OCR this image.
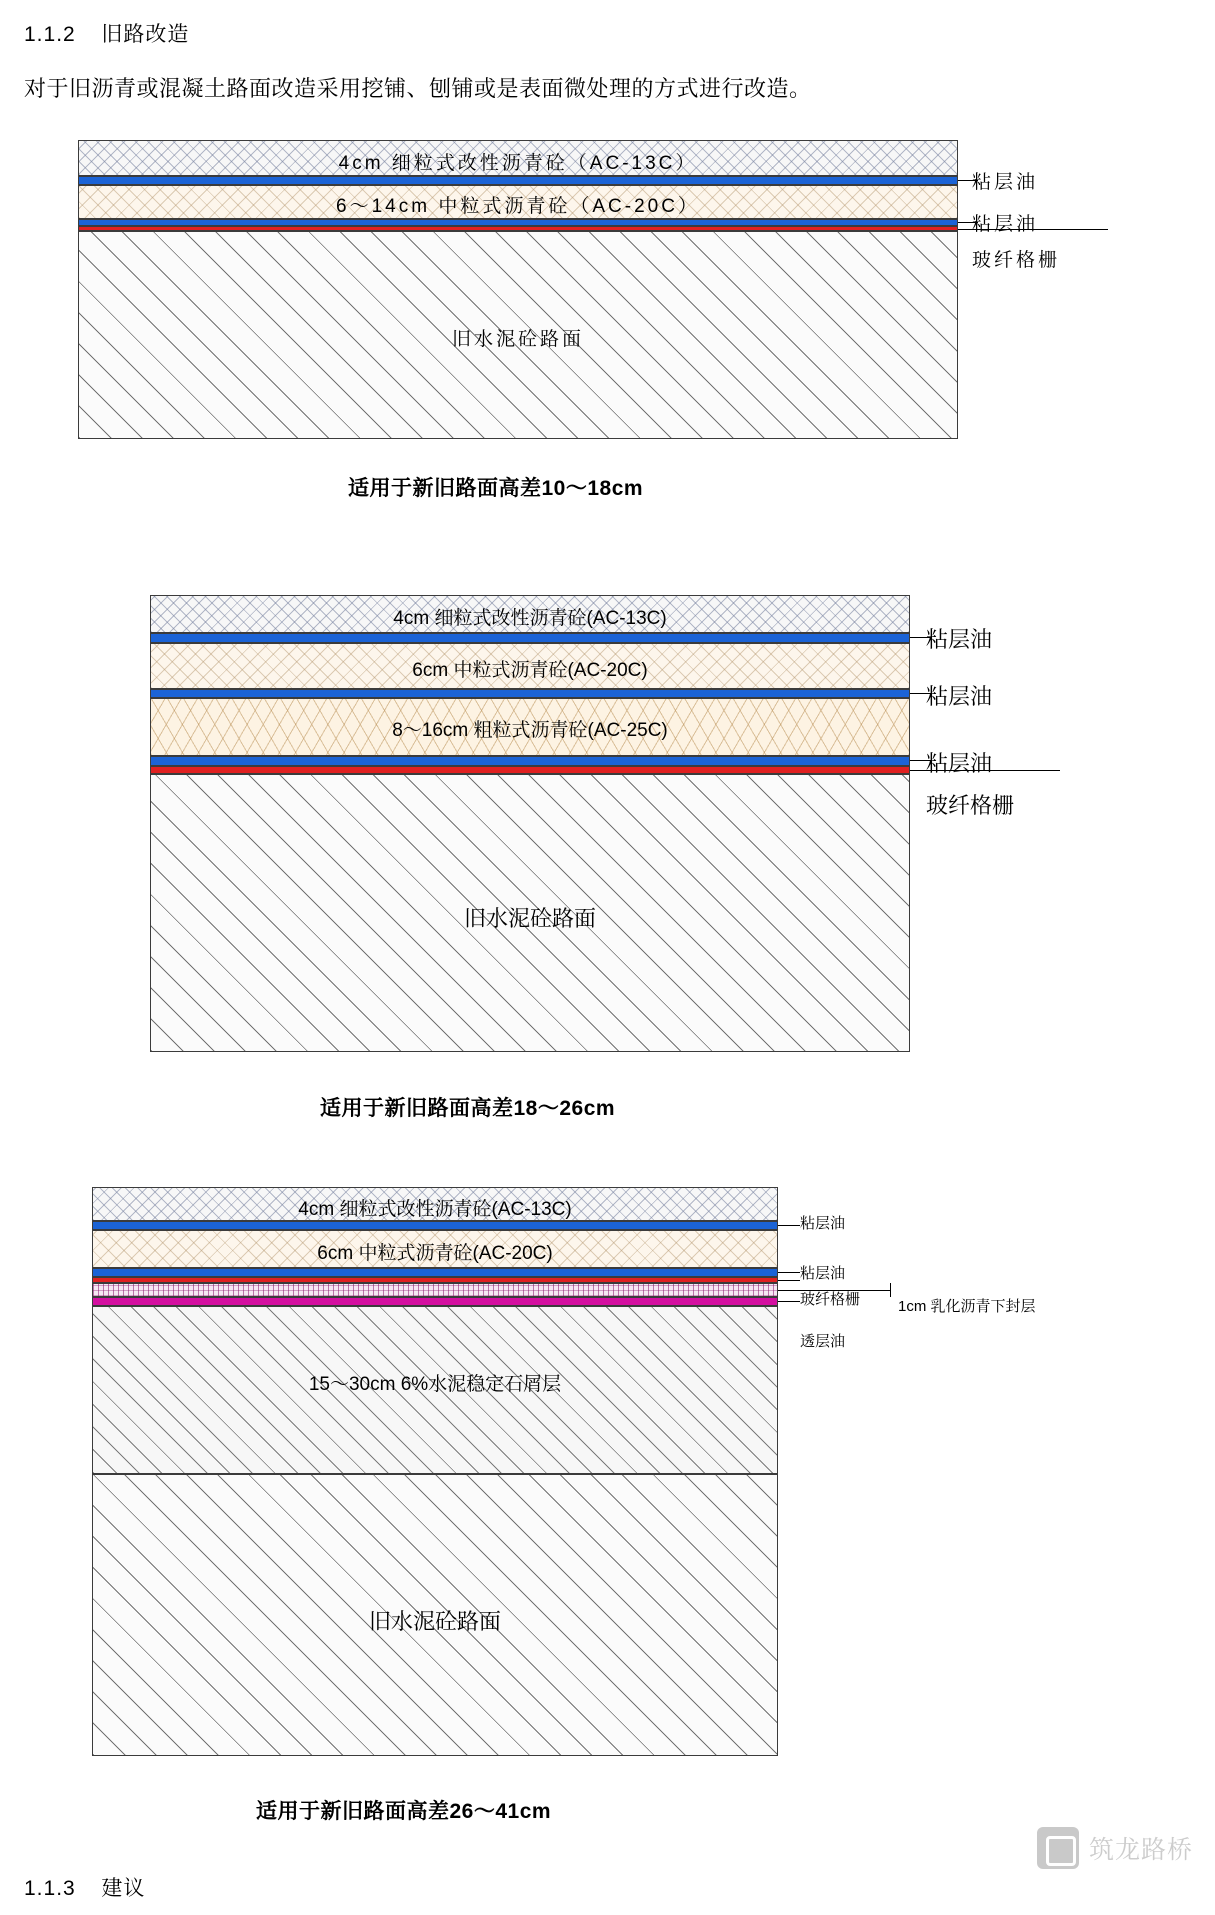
1.1.2 旧路改造
对于旧沥青或混凝土路面改造采用挖铺、刨铺或是表面微处理的方式进行改造。
4cm 细粒式改性沥青砼（AC-13C）
6～14cm 中粒式沥青砼（AC-20C）
旧水泥砼路面
粘层油
粘层油
玻纤格栅
适用于新旧路面高差10～18cm
4cm 细粒式改性沥青砼(AC-13C)
6cm 中粒式沥青砼(AC-20C)
8～16cm 粗粒式沥青砼(AC-25C)
旧水泥砼路面
粘层油
粘层油
粘层油
玻纤格栅
适用于新旧路面高差18～26cm
4cm 细粒式改性沥青砼(AC-13C)
6cm 中粒式沥青砼(AC-20C)
15～30cm 6%水泥稳定石屑层
旧水泥砼路面
粘层油
粘层油
玻纤格栅
透层油
1cm 乳化沥青下封层
适用于新旧路面高差26～41cm
1.1.3 建议
筑龙路桥
